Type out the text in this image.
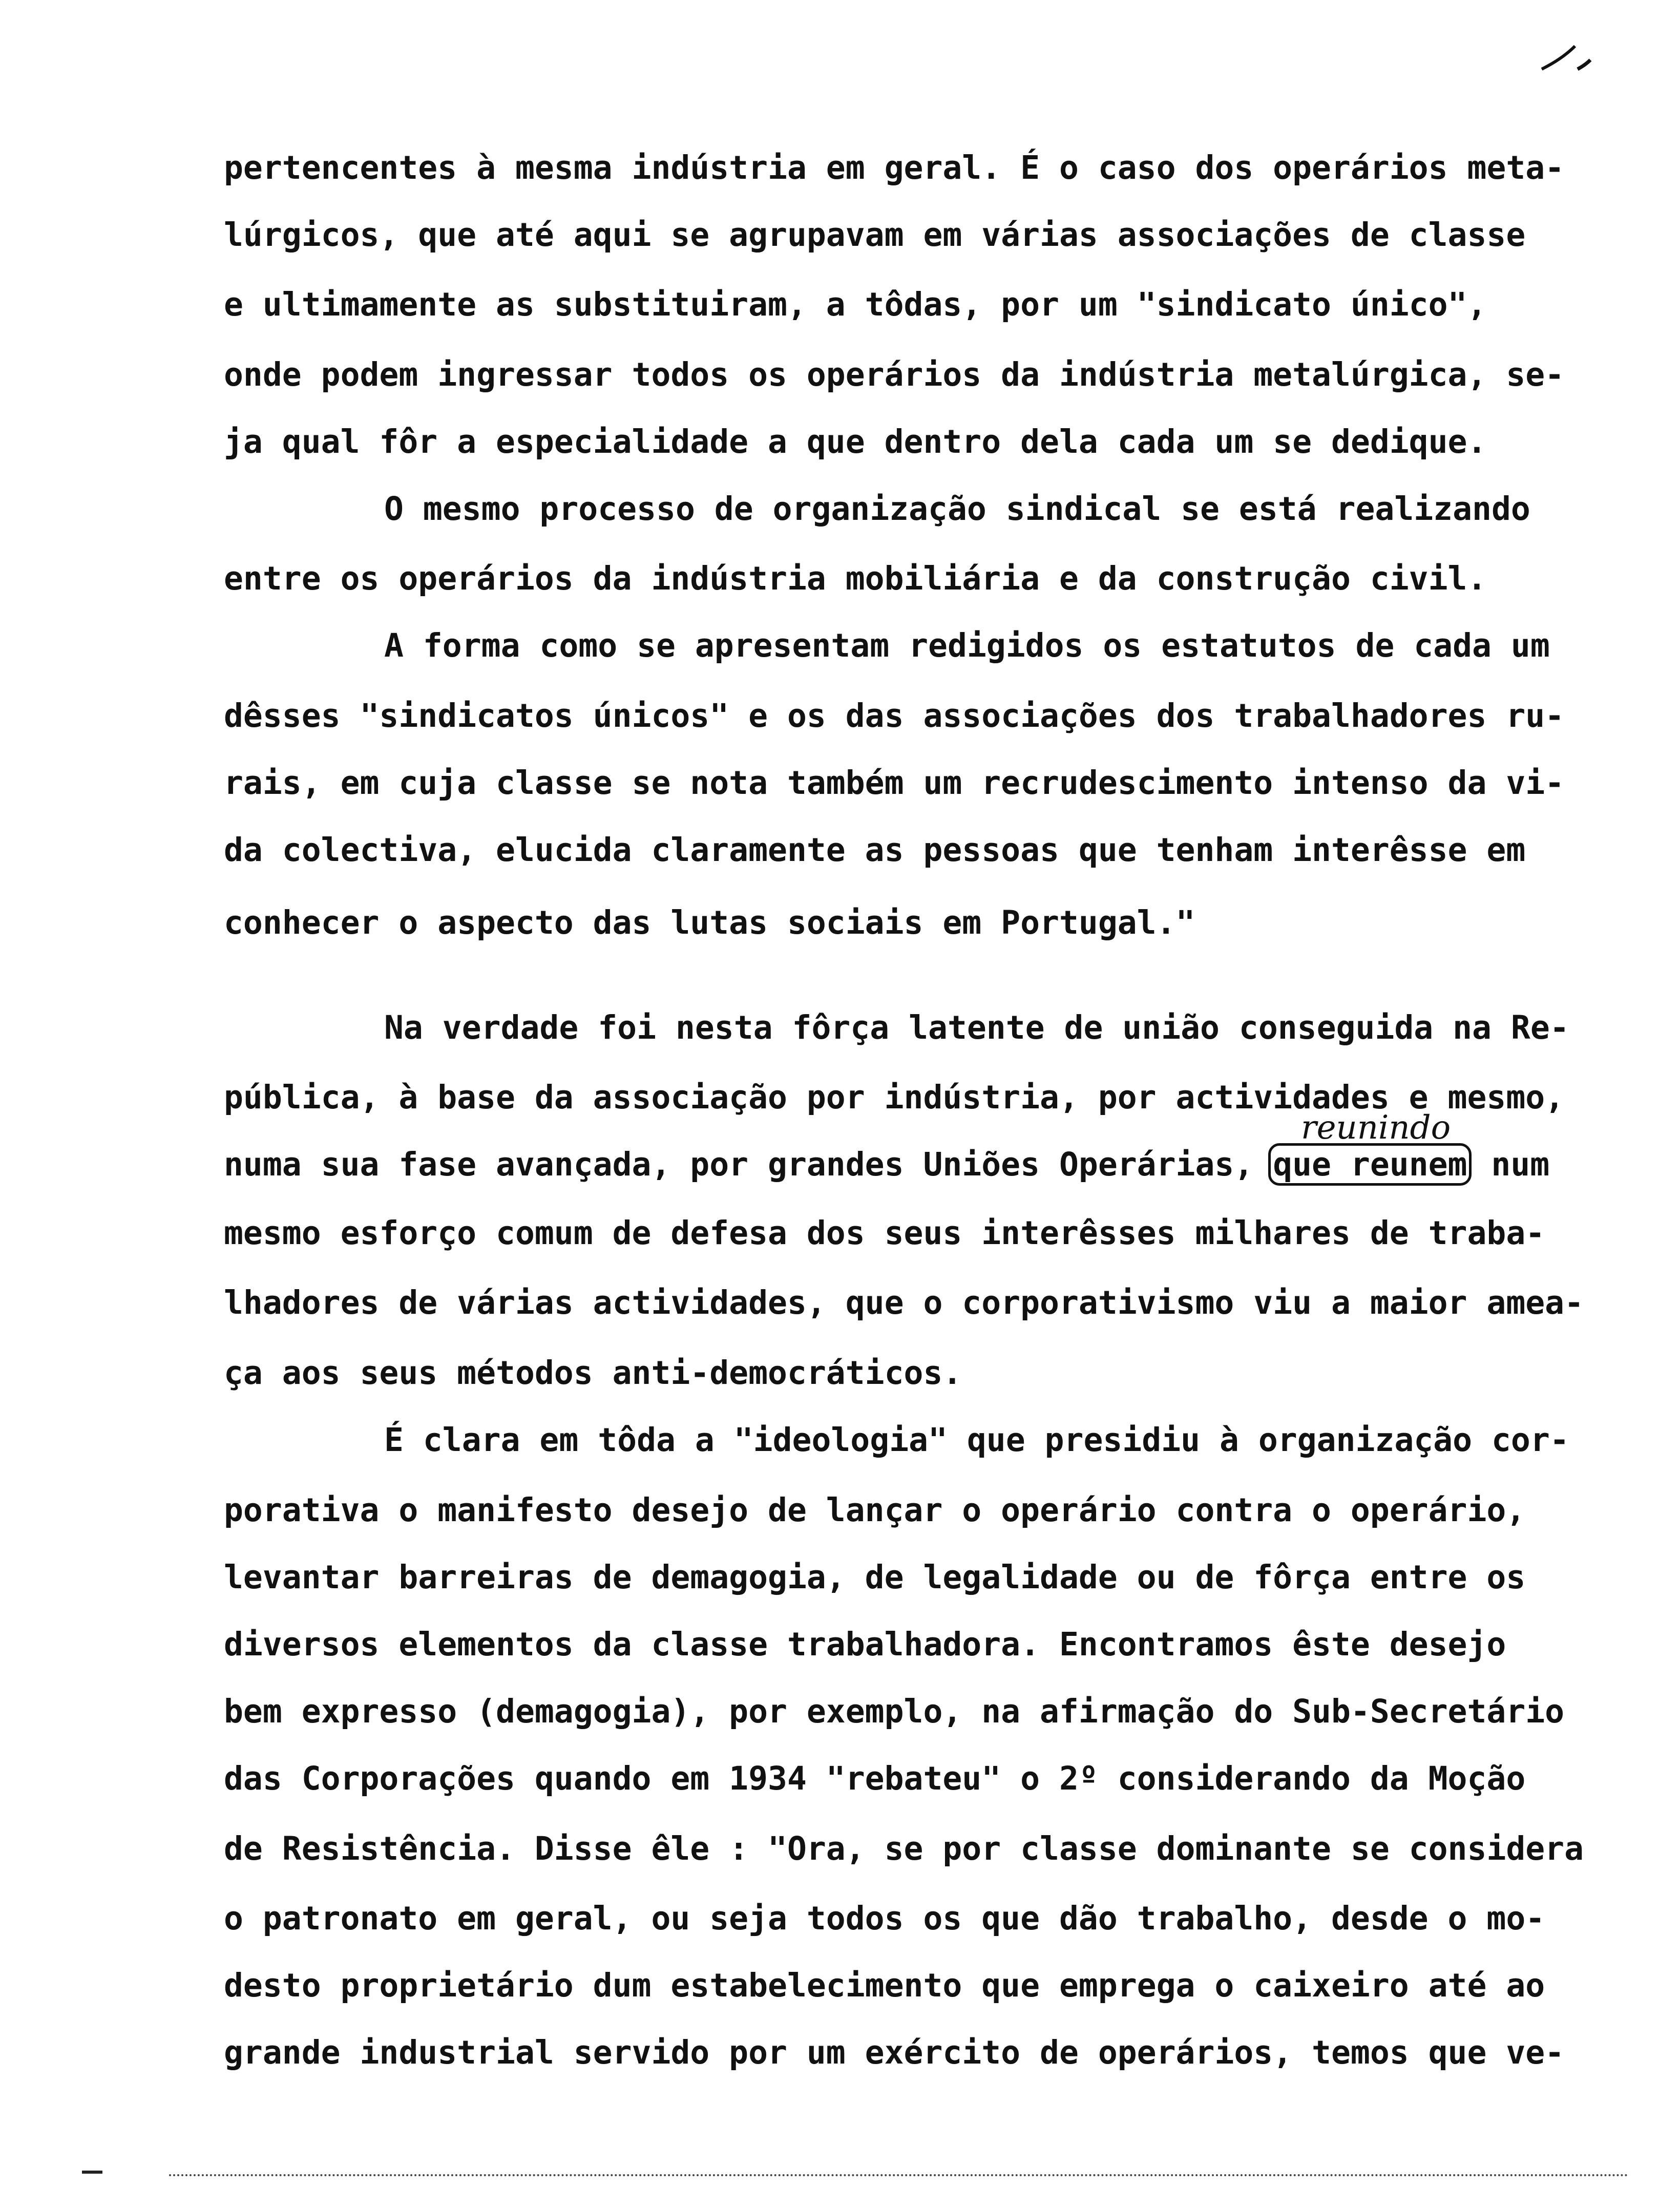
pertencentes à mesma indústria em geral. É o caso dos operários meta-
lúrgicos, que até aqui se agrupavam em várias associações de classe
e ultimamente as substituiram, a tôdas, por um "sindicato único",
onde podem ingressar todos os operários da indústria metalúrgica, se-
ja qual fôr a especialidade a que dentro dela cada um se dedique.
O mesmo processo de organização sindical se está realizando
entre os operários da indústria mobiliária e da construção civil.
A forma como se apresentam redigidos os estatutos de cada um
dêsses "sindicatos únicos" e os das associações dos trabalhadores ru-
rais, em cuja classe se nota também um recrudescimento intenso da vi-
da colectiva, elucida claramente as pessoas que tenham interêsse em
conhecer o aspecto das lutas sociais em Portugal."
Na verdade foi nesta fôrça latente de união conseguida na Re-
pública, à base da associação por indústria, por actividades e mesmo,
reunindo
numa sua fase avançada, por grandes Uniões Operárias, que reunem num
mesmo esforço comum de defesa dos seus interêsses milhares de traba-
lhadores de várias actividades, que o corporativismo viu a maior amea-
ça aos seus métodos anti-democráticos.
É clara em tôda a "ideologia" que presidiu à organização cor-
porativa o manifesto desejo de lançar o operário contra o operário,
levantar barreiras de demagogia, de legalidade ou de fôrça entre os
diversos elementos da classe trabalhadora. Encontramos êste desejo
bem expresso (demagogia), por exemplo, na afirmação do Sub-Secretário
das Corporações quando em 1934 "rebateu" o 2º considerando da Moção
de Resistência. Disse êle : "Ora, se por classe dominante se considera
o patronato em geral, ou seja todos os que dão trabalho, desde o mo-
desto proprietário dum estabelecimento que emprega o caixeiro até ao
grande industrial servido por um exército de operários, temos que ve-
